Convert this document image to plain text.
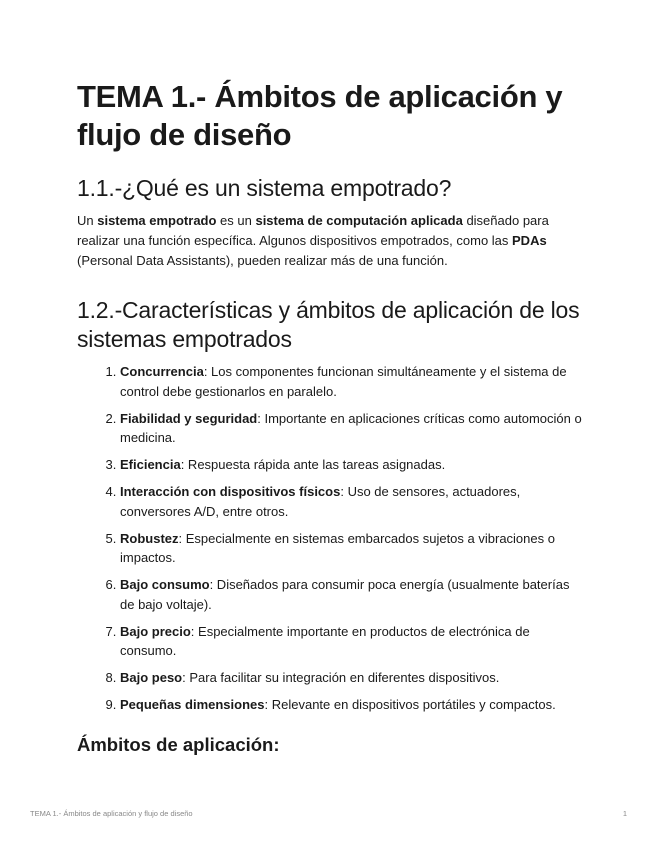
TEMA 1.- Ámbitos de aplicación y flujo de diseño
1.1.-¿Qué es un sistema empotrado?

Un sistema empotrado es un sistema de computación aplicada diseñado para realizar una función específica. Algunos dispositivos empotrados, como las PDAs (Personal Data Assistants), pueden realizar más de una función.

1.2.-Características y ámbitos de aplicación de los sistemas empotrados
1. Concurrencia: Los componentes funcionan simultáneamente y el sistema de control debe gestionarlos en paralelo.
2. Fiabilidad y seguridad: Importante en aplicaciones críticas como automoción o medicina.
3. Eficiencia: Respuesta rápida ante las tareas asignadas.
4. Interacción con dispositivos físicos: Uso de sensores, actuadores, conversores A/D, entre otros.
5. Robustez: Especialmente en sistemas embarcados sujetos a vibraciones o impactos.
6. Bajo consumo: Diseñados para consumir poca energía (usualmente baterías de bajo voltaje).
7. Bajo precio: Especialmente importante en productos de electrónica de consumo.
8. Bajo peso: Para facilitar su integración en diferentes dispositivos.
9. Pequeñas dimensiones: Relevante en dispositivos portátiles y compactos.
Ámbitos de aplicación:
TEMA 1.- Ámbitos de aplicación y flujo de diseño	1
